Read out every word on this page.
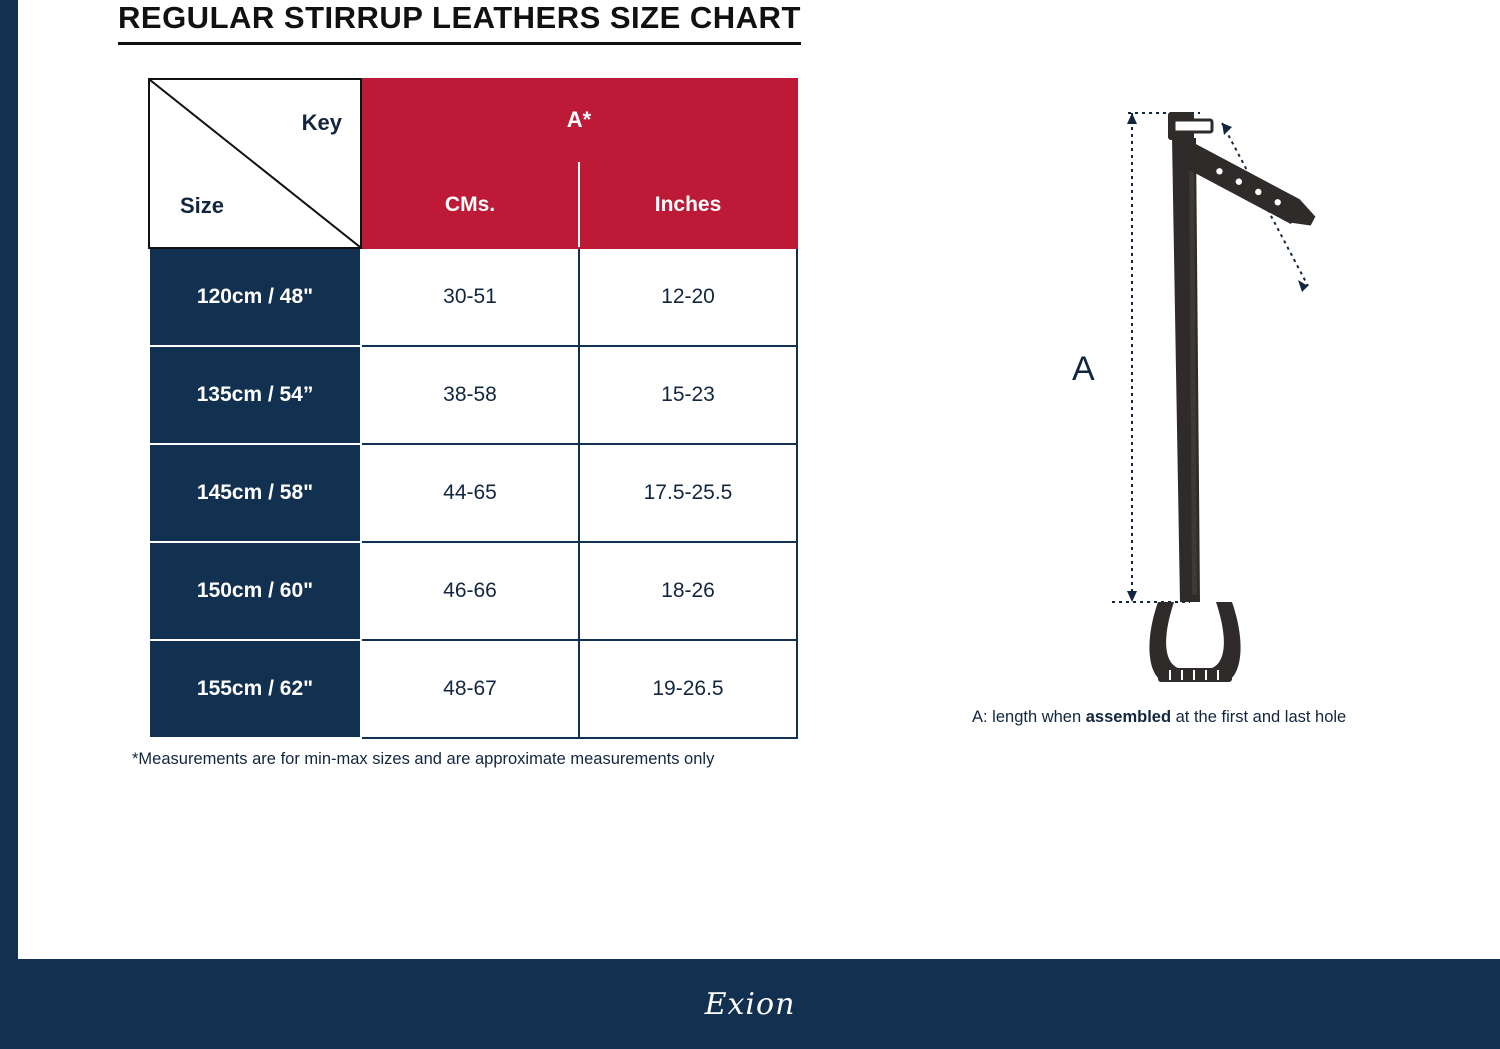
REGULAR STIRRUP LEATHERS SIZE CHART
Key
Size	A*	
	CMs.	Inches
120cm / 48"	30-51	12-20
135cm / 54”	38-58	15-23
145cm / 58"	44-65	17.5-25.5
150cm / 60"	46-66	18-26
155cm / 62"	48-67	19-26.5
*Measurements are for min-max sizes and are approximate measurements only
A
A: length when assembled at the first and last hole
Exion
